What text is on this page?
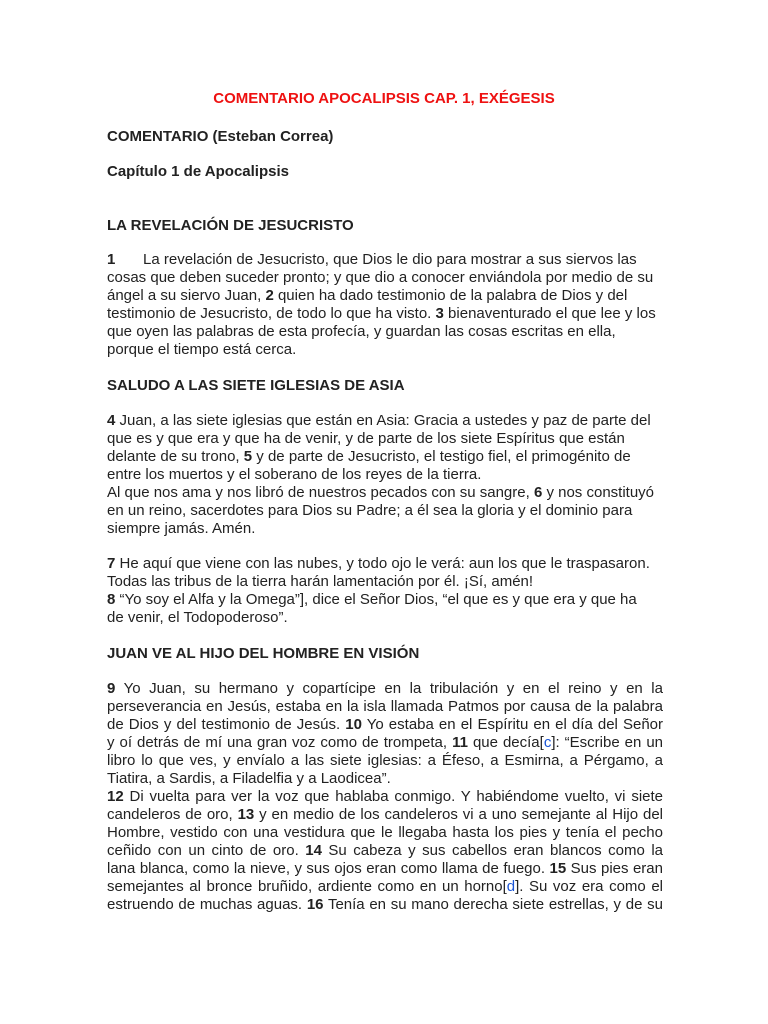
COMENTARIO APOCALIPSIS CAP. 1, EXÉGESIS
COMENTARIO (Esteban Correa)
Capítulo 1 de Apocalipsis
LA REVELACIÓN DE JESUCRISTO
1 La revelación de Jesucristo, que Dios le dio para mostrar a sus siervos las
cosas que deben suceder pronto; y que dio a conocer enviándola por medio de su
ángel a su siervo Juan, 2 quien ha dado testimonio de la palabra de Dios y del
testimonio de Jesucristo, de todo lo que ha visto. 3 bienaventurado el que lee y los
que oyen las palabras de esta profecía, y guardan las cosas escritas en ella,
porque el tiempo está cerca.
SALUDO A LAS SIETE IGLESIAS DE ASIA
4 Juan, a las siete iglesias que están en Asia: Gracia a ustedes y paz de parte del
que es y que era y que ha de venir, y de parte de los siete Espíritus que están
delante de su trono, 5 y de parte de Jesucristo, el testigo fiel, el primogénito de
entre los muertos y el soberano de los reyes de la tierra.
Al que nos ama y nos libró de nuestros pecados con su sangre, 6 y nos constituyó
en un reino, sacerdotes para Dios su Padre; a él sea la gloria y el dominio para
siempre jamás. Amén.
7 He aquí que viene con las nubes, y todo ojo le verá: aun los que le traspasaron.
Todas las tribus de la tierra harán lamentación por él. ¡Sí, amén!
8 “Yo soy el Alfa y la Omega”], dice el Señor Dios, “el que es y que era y que ha
de venir, el Todopoderoso”.
JUAN VE AL HIJO DEL HOMBRE EN VISIÓN
9 Yo Juan, su hermano y copartícipe en la tribulación y en el reino y en la
perseverancia en Jesús, estaba en la isla llamada Patmos por causa de la palabra
de Dios y del testimonio de Jesús. 10 Yo estaba en el Espíritu en el día del Señor
y oí detrás de mí una gran voz como de trompeta, 11 que decía[c]: “Escribe en un
libro lo que ves, y envíalo a las siete iglesias: a Éfeso, a Esmirna, a Pérgamo, a
Tiatira, a Sardis, a Filadelfia y a Laodicea”.
12 Di vuelta para ver la voz que hablaba conmigo. Y habiéndome vuelto, vi siete
candeleros de oro, 13 y en medio de los candeleros vi a uno semejante al Hijo del
Hombre, vestido con una vestidura que le llegaba hasta los pies y tenía el pecho
ceñido con un cinto de oro. 14 Su cabeza y sus cabellos eran blancos como la
lana blanca, como la nieve, y sus ojos eran como llama de fuego. 15 Sus pies eran
semejantes al bronce bruñido, ardiente como en un horno[d]. Su voz era como el
estruendo de muchas aguas. 16 Tenía en su mano derecha siete estrellas, y de su
